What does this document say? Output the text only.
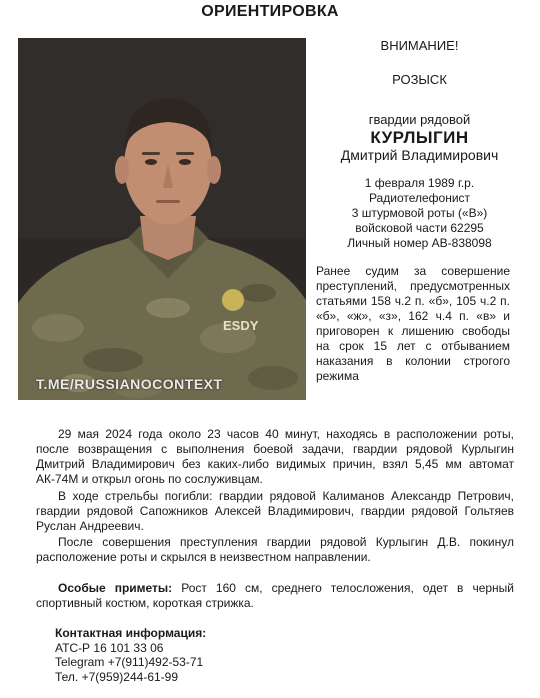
ОРИЕНТИРОВКА
ESDY
T.ME/RUSSIANOCONTEXT
ВНИМАНИЕ!
РОЗЫСК
гвардии рядовой
КУРЛЫГИН
Дмитрий Владимирович
1 февраля 1989 г.р.
Радиотелефонист
3 штурмовой роты («В»)
войсковой части 62295
Личный номер АВ-838098
Ранее судим за совершение преступлений, предусмотренных статьями 158 ч.2 п. «б», 105 ч.2 п. «б», «ж», «з», 162 ч.4 п. «в» и приговорен к лишению свободы на срок 15 лет с отбыванием наказания в колонии строгого режима

29 мая 2024 года около 23 часов 40 минут, находясь в расположении роты, после возвращения с выполнения боевой задачи, гвардии рядовой Курлыгин Дмитрий Владимирович без каких-либо видимых причин, взял 5,45 мм автомат АК-74М и открыл огонь по сослуживцам.

В ходе стрельбы погибли: гвардии рядовой Калиманов Александр Петрович, гвардии рядовой Сапожников Алексей Владимирович, гвардии рядовой Гольтяев Руслан Андреевич.

После совершения преступления гвардии рядовой Курлыгин Д.В. покинул расположение роты и скрылся в неизвестном направлении.

Особые приметы: Рост 160 см, среднего телосложения, одет в черный спортивный костюм, короткая стрижка.

Контактная информация:
АТС-Р 16 101 33 06
Telegram +7(911)492-53-71
Тел. +7(959)244-61-99
